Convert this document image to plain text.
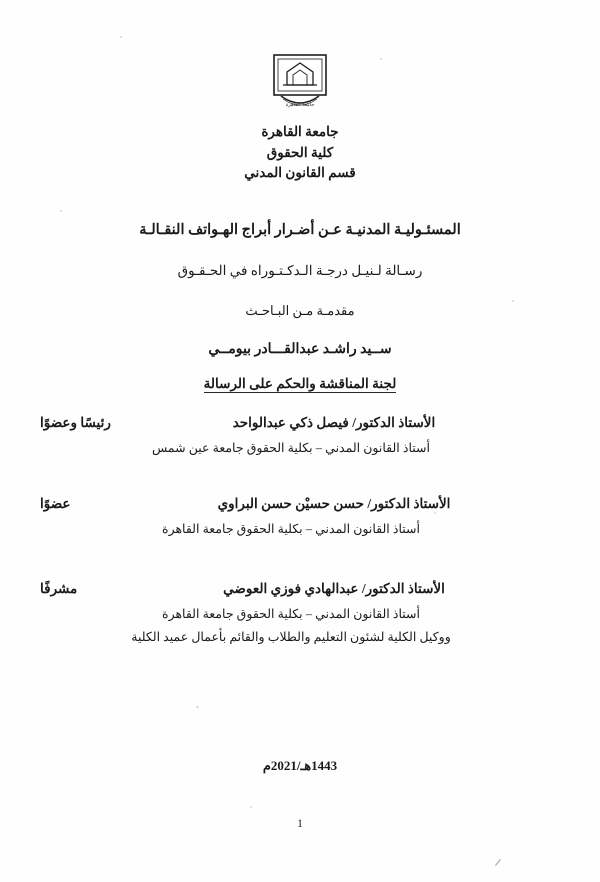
جامعة القاهرة
جامعة القاهرة
كلية الحقوق
قسم القانون المدني
المسئـوليـة المدنيـة عـن أضـرار أبراج الهـواتف النقـالـة
رسـالة لـنيـل درجـة الـدكـتـوراه في الحـقـوق
مقدمـة مـن البـاحـث
ســيد راشـد عبدالقـــادر بيومــي
لجنة المناقشة والحكم على الرسالة
الأستاذ الدكتور/ فيصل ذكي عبدالواحد
رئيسًا وعضوًا
أستاذ القانون المدني – بكلية الحقوق جامعة عين شمس
الأستاذ الدكتور/ حسن حسيْن حسن البراوي
عضوًا
أستاذ القانون المدني – بكلية الحقوق جامعة القاهرة
الأستاذ الدكتور/ عبدالهادي فوزي العوضي
مشرفًا
أستاذ القانون المدني – بكلية الحقوق جامعة القاهرة
ووكيل الكلية لشئون التعليم والطلاب والقائم بأعمال عميد الكلية
1443هـ/2021م
1
